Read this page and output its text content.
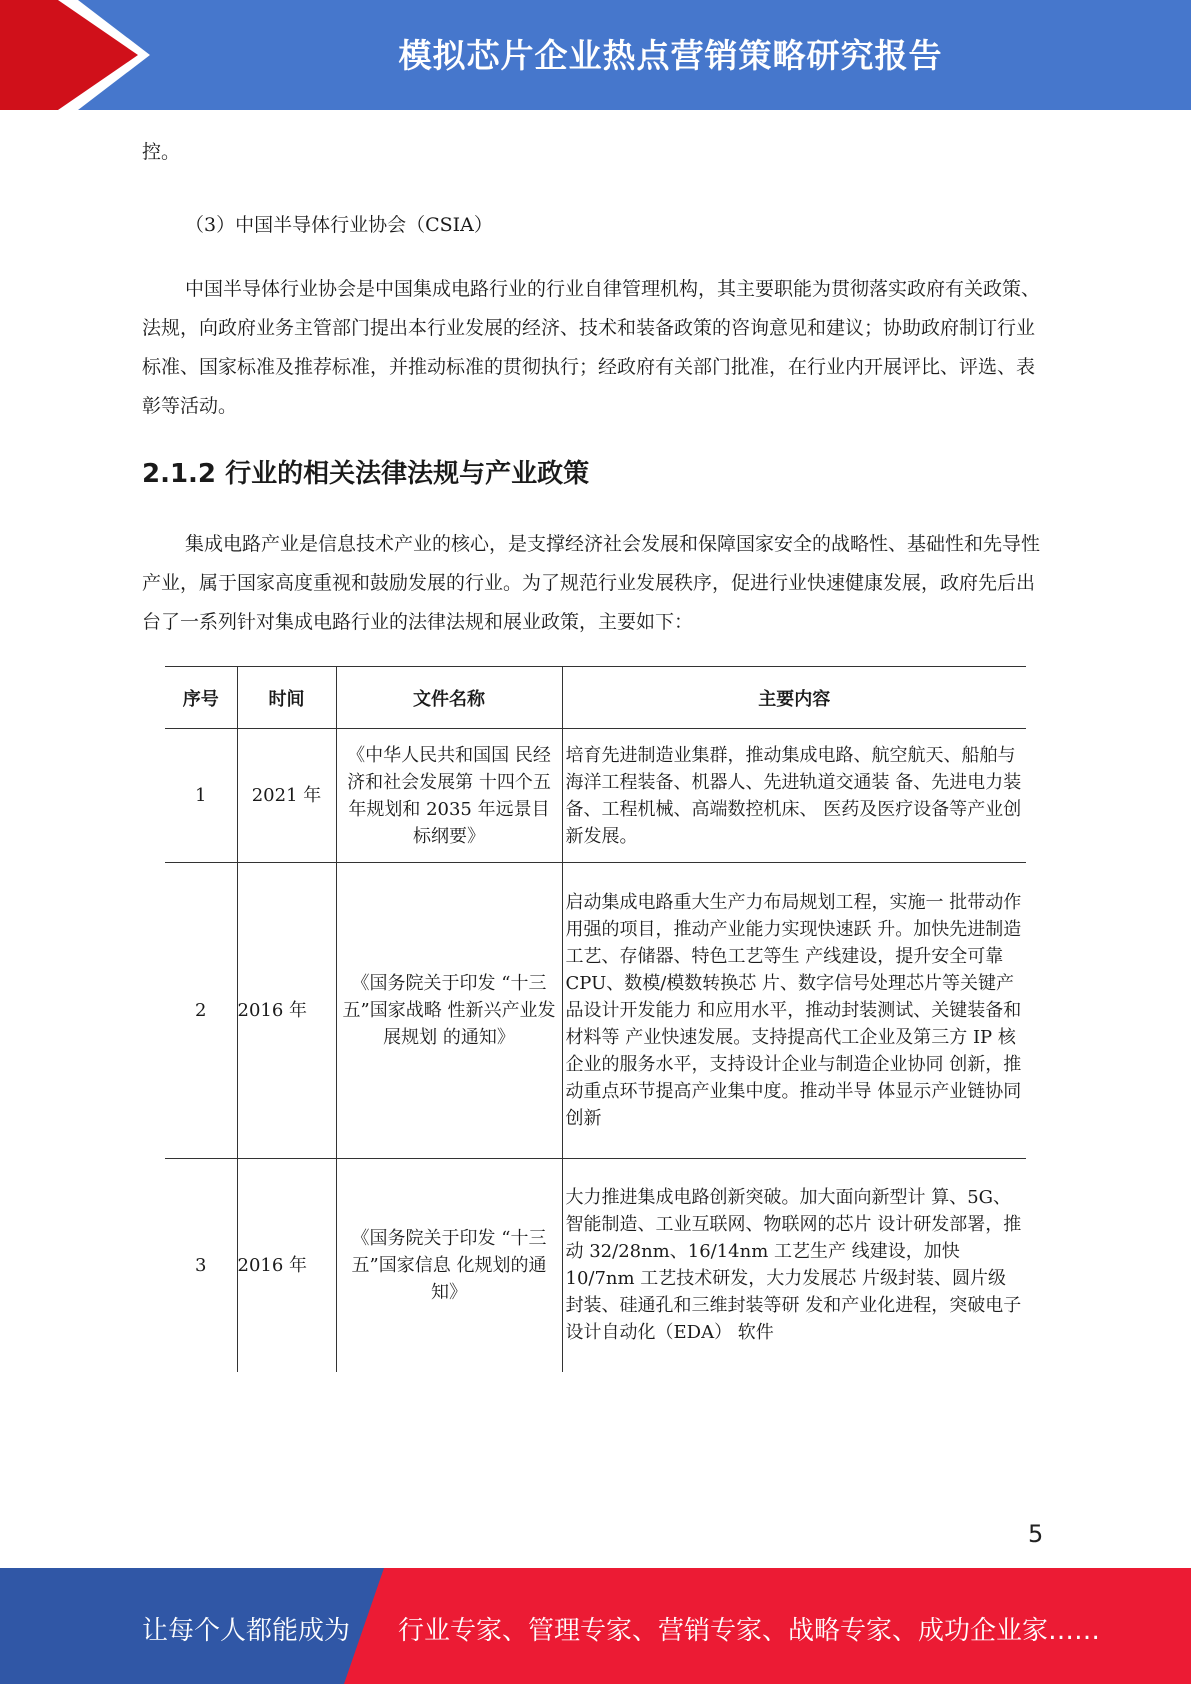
模拟芯片企业热点营销策略研究报告

控。

（3）中国半导体行业协会（CSIA）

中国半导体行业协会是中国集成电路行业的行业自律管理机构，其主要职能为贯彻落实政府有关政策、法规，向政府业务主管部门提出本行业发展的经济、技术和装备政策的咨询意见和建议；协助政府制订行业标准、国家标准及推荐标准，并推动标准的贯彻执行；经政府有关部门批准，在行业内开展评比、评选、表彰等活动。

2.1.2 行业的相关法律法规与产业政策

集成电路产业是信息技术产业的核心，是支撑经济社会发展和保障国家安全的战略性、基础性和先导性产业，属于国家高度重视和鼓励发展的行业。为了规范行业发展秩序，促进行业快速健康发展，政府先后出台了一系列针对集成电路行业的法律法规和展业政策，主要如下：

序号	时间	文件名称	主要内容
1	2021 年	《中华人民共和国国 民经济和社会发展第 十四个五年规划和 2035 年远景目标纲要》	培育先进制造业集群，推动集成电路、航空航天、船舶与海洋工程装备、机器人、先进轨道交通装 备、先进电力装备、工程机械、高端数控机床、 医药及医疗设备等产业创新发展。
2	2016 年	《国务院关于印发 “十三五”国家战略 性新兴产业发展规划 的通知》	启动集成电路重大生产力布局规划工程，实施一 批带动作用强的项目，推动产业能力实现快速跃 升。加快先进制造工艺、存储器、特色工艺等生 产线建设，提升安全可靠 CPU、数模/模数转换芯 片、数字信号处理芯片等关键产品设计开发能力 和应用水平，推动封装测试、关键装备和材料等 产业快速发展。支持提高代工企业及第三方 IP 核 企业的服务水平，支持设计企业与制造企业协同 创新，推动重点环节提高产业集中度。推动半导 体显示产业链协同创新
3	2016 年	《国务院关于印发 “十三五”国家信息 化规划的通知》	大力推进集成电路创新突破。加大面向新型计 算、5G、智能制造、工业互联网、物联网的芯片 设计研发部署，推动 32/28nm、16/14nm 工艺生产 线建设，加快 10/7nm 工艺技术研发，大力发展芯 片级封装、圆片级封装、硅通孔和三维封装等研 发和产业化进程，突破电子设计自动化（EDA） 软件
5
让每个人都能成为 行业专家、管理专家、营销专家、战略专家、成功企业家……
